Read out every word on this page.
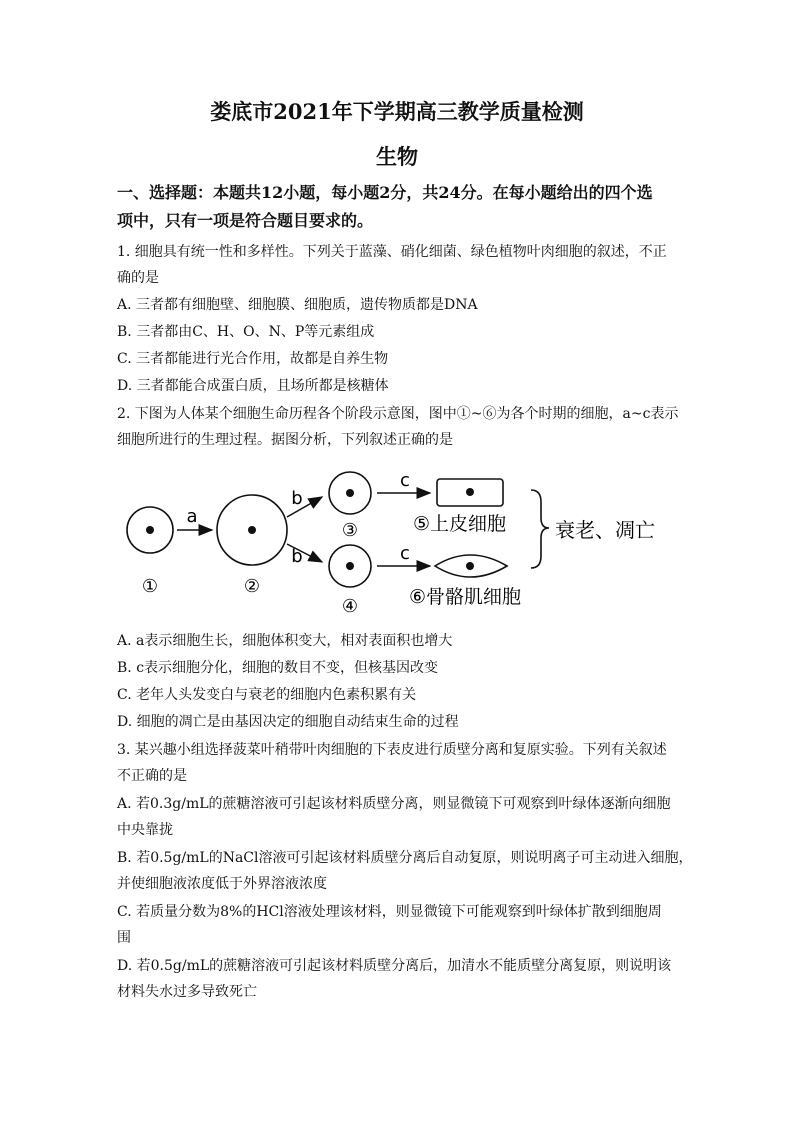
娄底市2021年下学期高三教学质量检测
生物
一、选择题：本题共12小题，每小题2分，共24分。在每小题给出的四个选
项中，只有一项是符合题目要求的。
1. 细胞具有统一性和多样性。下列关于蓝藻、硝化细菌、绿色植物叶肉细胞的叙述，不正
确的是
A. 三者都有细胞壁、细胞膜、细胞质，遗传物质都是DNA
B. 三者都由C、H、O、N、P等元素组成
C. 三者都能进行光合作用，故都是自养生物
D. 三者都能合成蛋白质，且场所都是核糖体
2. 下图为人体某个细胞生命历程各个阶段示意图，图中①~⑥为各个时期的细胞，a~c表示
细胞所进行的生理过程。据图分析，下列叙述正确的是
①
a
②
b
b
③
④
c
c
⑤上皮细胞
⑥骨骼肌细胞
衰老、凋亡
A. a表示细胞生长，细胞体积变大，相对表面积也增大
B. c表示细胞分化，细胞的数目不变，但核基因改变
C. 老年人头发变白与衰老的细胞内色素积累有关
D. 细胞的凋亡是由基因决定的细胞自动结束生命的过程
3. 某兴趣小组选择菠菜叶稍带叶肉细胞的下表皮进行质壁分离和复原实验。下列有关叙述
不正确的是
A. 若0.3g/mL的蔗糖溶液可引起该材料质壁分离，则显微镜下可观察到叶绿体逐渐向细胞
中央靠拢
B. 若0.5g/mL的NaCl溶液可引起该材料质壁分离后自动复原，则说明离子可主动进入细胞，
并使细胞液浓度低于外界溶液浓度
C. 若质量分数为8%的HCl溶液处理该材料，则显微镜下可能观察到叶绿体扩散到细胞周
围
D. 若0.5g/mL的蔗糖溶液可引起该材料质壁分离后，加清水不能质壁分离复原，则说明该
材料失水过多导致死亡
